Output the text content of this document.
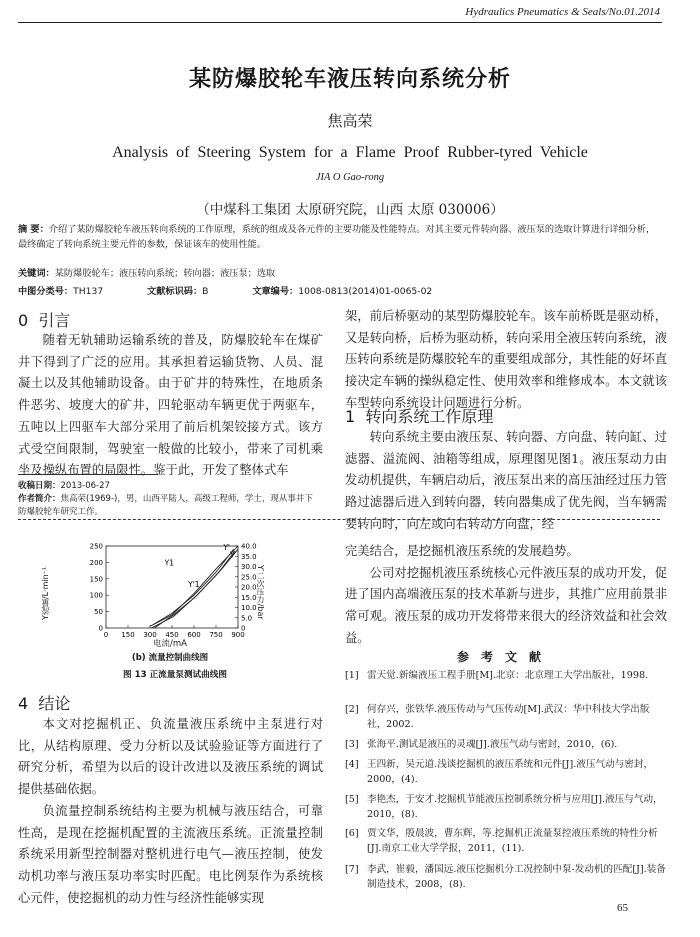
Hydraulics Pneumatics & Seals/No.01.2014
某防爆胶轮车液压转向系统分析
焦高荣
Analysis of Steering System for a Flame Proof Rubber-tyred Vehicle
JIA O Gao-rong
（中煤科工集团 太原研究院，山西 太原 030006）
摘 要：介绍了某防爆胶轮车液压转向系统的工作原理，系统的组成及各元件的主要功能及性能特点。对其主要元件转向器、液压泵的选取计算进行详细分析，最终确定了转向系统主要元件的参数，保证该车的使用性能。
关键词：某防爆胶轮车；液压转向系统；转向器；液压泵；选取
中图分类号：TH137	文献标识码：B	文章编号：1008-0813(2014)01-0065-02
0 引言

随着无轨辅助运输系统的普及，防爆胶轮车在煤矿井下得到了广泛的应用。其承担着运输货物、人员、混凝土以及其他辅助设备。由于矿井的特殊性，在地质条件恶劣、坡度大的矿井，四轮驱动车辆更优于两驱车，五吨以上四驱车大部分采用了前后机架铰接方式。该方式受空间限制，驾驶室一般做的比较小，带来了司机乘坐及操纵布置的局限性。鉴于此，开发了整体式车

收稿日期：2013-06-27
作者简介：焦高荣(1969-)，男，山西平陆人，高级工程师，学士，现从事井下防爆胶轮车研究工作。

架，前后桥驱动的某型防爆胶轮车。该车前桥既是驱动桥，又是转向桥，后桥为驱动桥，转向采用全液压转向系统，液压转向系统是防爆胶轮车的重要组成部分，其性能的好坏直接决定车辆的操纵稳定性、使用效率和维修成本。本文就该车型转向系统设计问题进行分析。

1 转向系统工作原理

转向系统主要由液压泵、转向器、方向盘、转向缸、过滤器、溢流阀、油箱等组成，原理图见图1。液压泵动力由发动机提供，车辆启动后，液压泵出来的高压油经过压力管路过滤器后进入到转向器，转向器集成了优先阀，当车辆需要转向时，向左或向右转动方向盘，经

0 150 300 450 600 750 900
0
50
100
150
200
250
0
5.0
10.0
15.0
20.0
25.0
30.0
35.0
40.0
Y1
Y'1
Y'
Y
Y流量/L·min⁻¹	Y′二次压力/bar
电流/mA
(b) 流量控制曲线图
图 13 正流量泵测试曲线图
4 结论

本文对挖掘机正、负流量液压系统中主泵进行对比，从结构原理、受力分析以及试验验证等方面进行了研究分析，希望为以后的设计改进以及液压系统的调试提供基础依据。

负流量控制系统结构主要为机械与液压结合，可靠性高，是现在挖掘机配置的主流液压系统。正流量控制系统采用新型控制器对整机进行电气—液压控制，使发动机功率与液压泵功率实时匹配。电比例泵作为系统核心元件，使挖掘机的动力性与经济性能够实现

完美结合，是挖掘机液压系统的发展趋势。

公司对挖掘机液压系统核心元件液压泵的成功开发，促进了国内高端液压泵的技术革新与进步，其推广应用前景非常可观。液压泵的成功开发将带来很大的经济效益和社会效益。

参考文献
[1] 雷天觉.新编液压工程手册[M].北京：北京理工大学出版社，1998.
[2] 何存兴，张铁华.液压传动与气压传动[M].武汉：华中科技大学出版社，2002.
[3] 张海平.测试是液压的灵魂[J].液压气动与密封，2010，(6).
[4] 王四新，吴元道.浅谈挖掘机的液压系统和元件[J].液压气动与密封，2000，(4).
[5] 李艳杰，于安才.挖掘机节能液压控制系统分析与应用[J].液压与气动，2010，(8).
[6] 贾文华，殷晨波，曹东辉，等.挖掘机正流量泵控液压系统的特性分析[J].南京工业大学学报，2011，(11).
[7] 李武，崔毅，潘国远.液压挖掘机分工况控制中泵-发动机的匹配[J].装备制造技术，2008，(8).
65
